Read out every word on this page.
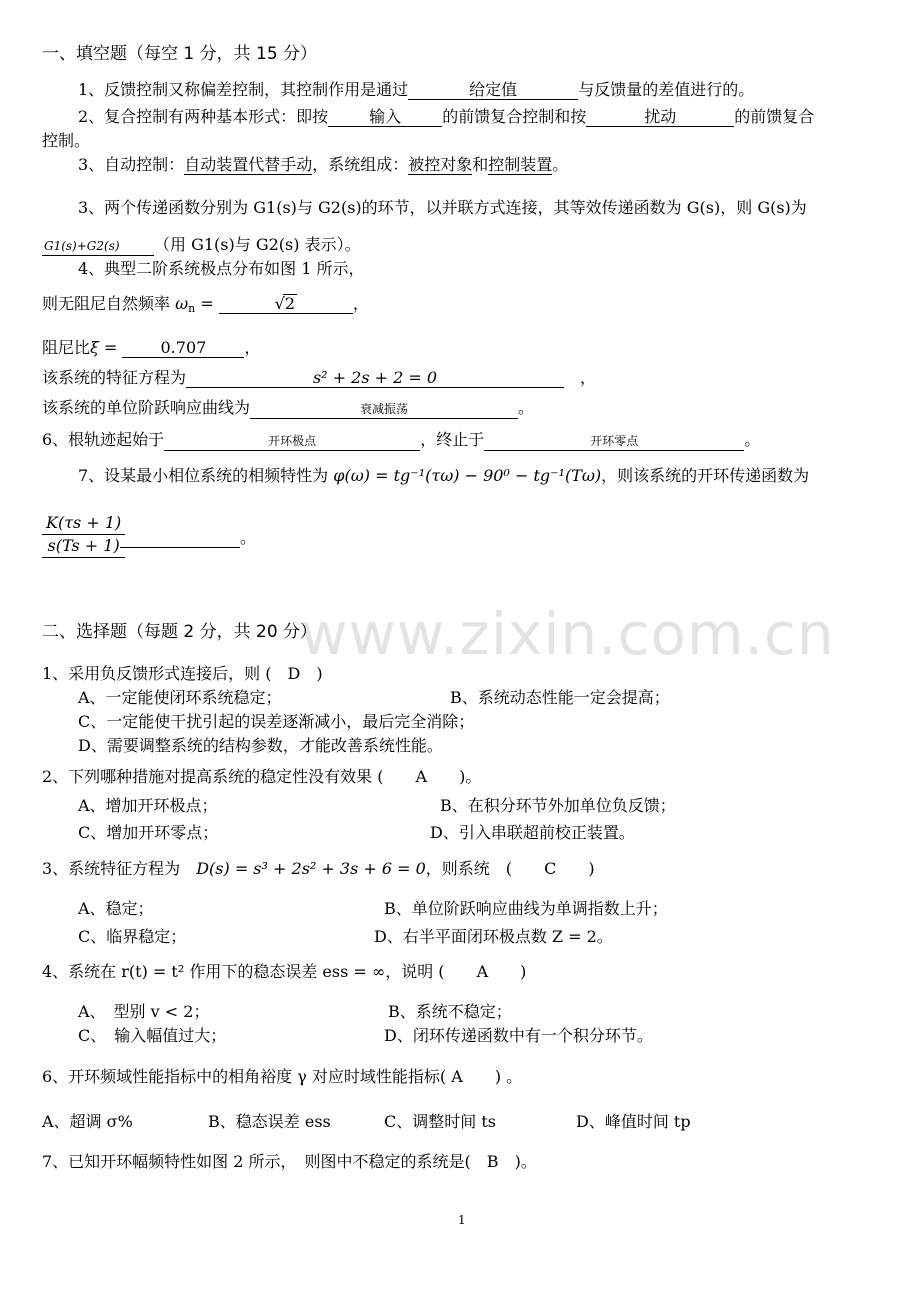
www.zixin.com.cn
一、填空题（每空 1 分，共 15 分）
1、反馈控制又称偏差控制，其控制作用是通过	给定值	与反馈量的差值进行的。
2、复合控制有两种基本形式：即按	输入	的前馈复合控制和按	扰动	的前馈复合
控制。
3、自动控制：自动装置代替手动，系统组成：被控对象和控制装置。
3、两个传递函数分别为 G1(s)与 G2(s)的环节，以并联方式连接，其等效传递函数为 G(s)，则 G(s)为
G1(s)+G2(s) （用 G1(s)与 G2(s) 表示）。
4、典型二阶系统极点分布如图 1 所示，
则无阻尼自然频率 $\omega_n$ =	√2	，
阻尼比ξ = 0.707 ，
该系统的特征方程为	s² + 2s + 2 = 0	　，
该系统的单位阶跃响应曲线为	衰减振荡	。
6、根轨迹起始于	开环极点	，终止于	开环零点	。
7、设某最小相位系统的相频特性为 φ(ω) = tg⁻¹(τω) − 90⁰ − tg⁻¹(Tω)，则该系统的开环传递函数为
$\frac{K(\tau s + 1)}{s(Ts + 1)}$	。
二、选择题（每题 2 分，共 20 分）
1、采用负反馈形式连接后，则 (　 D　 )
A、一定能使闭环系统稳定；	B、系统动态性能一定会提高；
C、一定能使干扰引起的误差逐渐减小，最后完全消除；
D、需要调整系统的结构参数，才能改善系统性能。
2、下列哪种措施对提高系统的稳定性没有效果 (　　 A　　 )。
A、增加开环极点；	B、在积分环节外加单位负反馈；
C、增加开环零点；	D、引入串联超前校正装置。
3、系统特征方程为　 D(s) = s³ + 2s² + 3s + 6 = 0，则系统　(　　 C　　 )
A、稳定；	B、单位阶跃响应曲线为单调指数上升；
C、临界稳定；	D、右半平面闭环极点数 Z = 2。
4、系统在 r(t) = t² 作用下的稳态误差 ess = ∞，说明 (　　 A　　 )
A、　型别 v < 2；	B、系统不稳定；
C、　输入幅值过大；	D、闭环传递函数中有一个积分环节。
6、开环频域性能指标中的相角裕度 γ 对应时域性能指标( A　　 ) 。
A、超调 σ%	B、稳态误差 ess	C、调整时间 ts	D、峰值时间 tp
7、已知开环幅频特性如图 2 所示，　则图中不稳定的系统是(　 B　 )。
1
